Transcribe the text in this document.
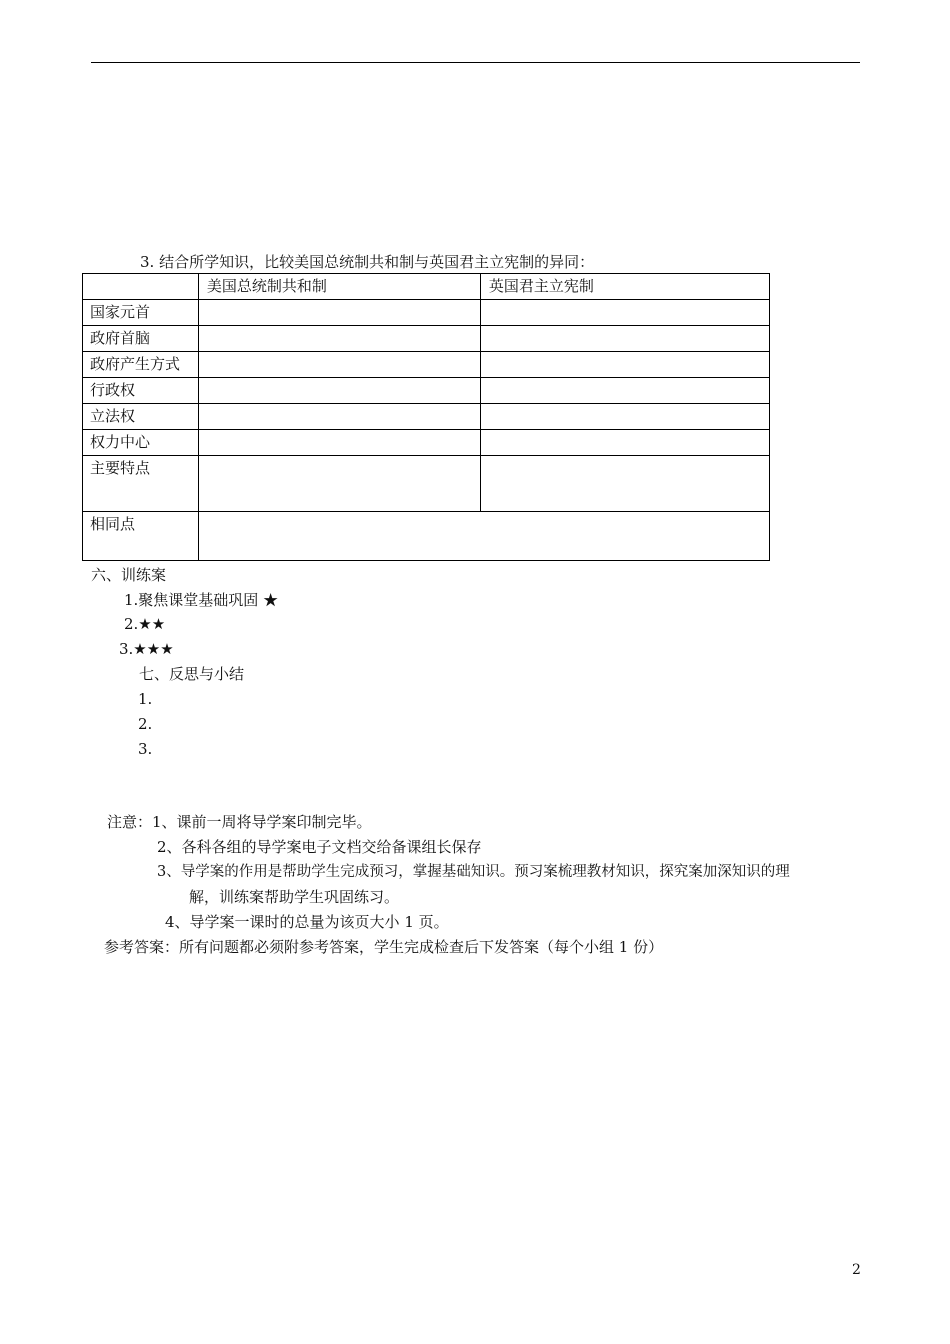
3. 结合所学知识，比较美国总统制共和制与英国君主立宪制的异同：
	美国总统制共和制	英国君主立宪制
国家元首		
政府首脑		
政府产生方式		
行政权		
立法权		
权力中心		
主要特点		
相同点		
六、训练案
1.聚焦课堂基础巩固 ★
2.★★
3.★★★
七、反思与小结
1.
2.
3.
注意：1、课前一周将导学案印制完毕。
2、各科各组的导学案电子文档交给备课组长保存
3、导学案的作用是帮助学生完成预习，掌握基础知识。预习案梳理教材知识，探究案加深知识的理
解，训练案帮助学生巩固练习。
4、导学案一课时的总量为该页大小 1 页。
参考答案：所有问题都必须附参考答案，学生完成检查后下发答案（每个小组 1 份）
2
